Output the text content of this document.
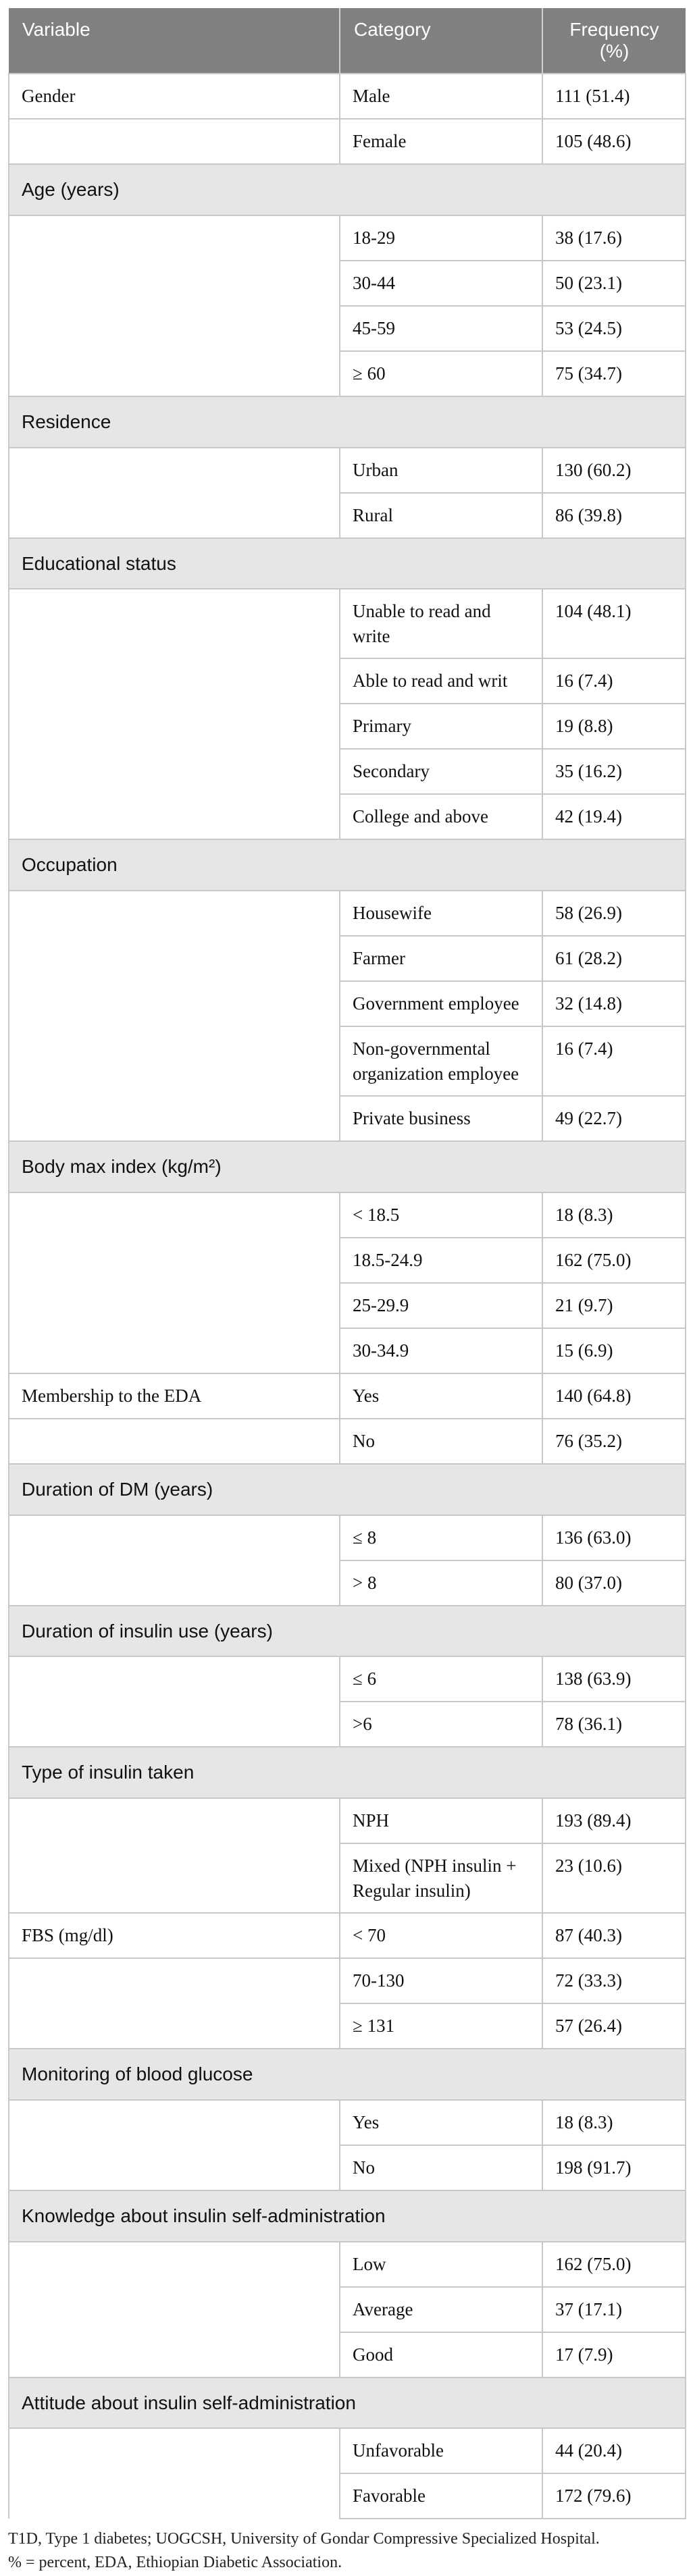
Variable	Category	Frequency (%)
Gender	Male	111 (51.4)
	Female	105 (48.6)
Age (years)		
	18-29	38 (17.6)
	30-44	50 (23.1)
	45-59	53 (24.5)
	≥ 60	75 (34.7)
Residence		
	Urban	130 (60.2)
	Rural	86 (39.8)
Educational status		
	Unable to read and write	104 (48.1)
	Able to read and writ	16 (7.4)
	Primary	19 (8.8)
	Secondary	35 (16.2)
	College and above	42 (19.4)
Occupation		
	Housewife	58 (26.9)
	Farmer	61 (28.2)
	Government employee	32 (14.8)
	Non-governmental organization employee	16 (7.4)
	Private business	49 (22.7)
Body max index (kg/m²)		
	< 18.5	18 (8.3)
	18.5-24.9	162 (75.0)
	25-29.9	21 (9.7)
	30-34.9	15 (6.9)
Membership to the EDA	Yes	140 (64.8)
	No	76 (35.2)
Duration of DM (years)		
	≤ 8	136 (63.0)
	> 8	80 (37.0)
Duration of insulin use (years)		
	≤ 6	138 (63.9)
	>6	78 (36.1)
Type of insulin taken		
	NPH	193 (89.4)
	Mixed (NPH insulin + Regular insulin)	23 (10.6)
FBS (mg/dl)	< 70	87 (40.3)
	70-130	72 (33.3)
	≥ 131	57 (26.4)
Monitoring of blood glucose		
	Yes	18 (8.3)
	No	198 (91.7)
Knowledge about insulin self-administration		
	Low	162 (75.0)
	Average	37 (17.1)
	Good	17 (7.9)
Attitude about insulin self-administration		
	Unfavorable	44 (20.4)
	Favorable	172 (79.6)
T1D, Type 1 diabetes; UOGCSH, University of Gondar Compressive Specialized Hospital.
% = percent, EDA, Ethiopian Diabetic Association.
